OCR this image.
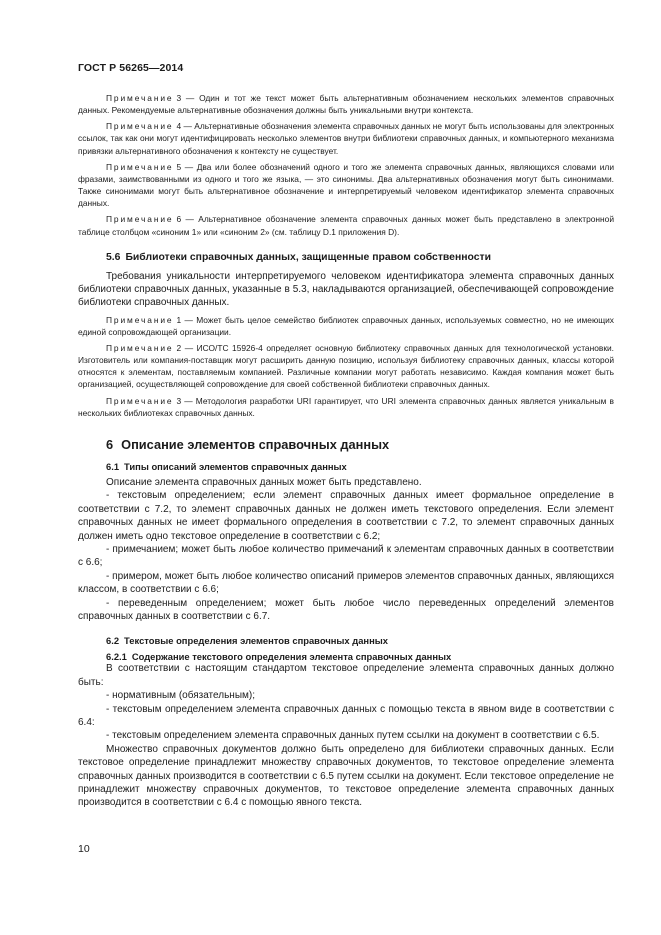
ГОСТ Р 56265—2014

Примечание 3 — Один и тот же текст может быть альтернативным обозначением нескольких элементов справочных данных. Рекомендуемые альтернативные обозначения должны быть уникальными внутри контекста.

Примечание 4 — Альтернативные обозначения элемента справочных данных не могут быть использованы для электронных ссылок, так как они могут идентифицировать несколько элементов внутри библиотеки справочных данных, и компьютерного механизма привязки альтернативного обозначения к контексту не существует.

Примечание 5 — Два или более обозначений одного и того же элемента справочных данных, являющихся словами или фразами, заимствованными из одного и того же языка, — это синонимы. Два альтернативных обозначения могут быть синонимами. Также синонимами могут быть альтернативное обозначение и интерпретируемый человеком идентификатор элемента справочных данных.

Примечание 6 — Альтернативное обозначение элемента справочных данных может быть представлено в электронной таблице столбцом «синоним 1» или «синоним 2» (см. таблицу D.1 приложения D).

5.6 Библиотеки справочных данных, защищенные правом собственности

Требования уникальности интерпретируемого человеком идентификатора элемента справочных данных библиотеки справочных данных, указанные в 5.3, накладываются организацией, обеспечивающей сопровождение библиотеки справочных данных.

Примечание 1 — Может быть целое семейство библиотек справочных данных, используемых совместно, но не имеющих единой сопровождающей организации.

Примечание 2 — ИСО/ТС 15926-4 определяет основную библиотеку справочных данных для технологической установки. Изготовитель или компания-поставщик могут расширить данную позицию, используя библиотеку справочных данных, классы которой относятся к элементам, поставляемым компанией. Различные компании могут работать независимо. Каждая компания может быть организацией, осуществляющей сопровождение для своей собственной библиотеки справочных данных.

Примечание 3 — Методология разработки URI гарантирует, что URI элемента справочных данных является уникальным в нескольких библиотеках справочных данных.

6 Описание элементов справочных данных
6.1 Типы описаний элементов справочных данных

Описание элемента справочных данных может быть представлено.

- текстовым определением; если элемент справочных данных имеет формальное определение в соответствии с 7.2, то элемент справочных данных не должен иметь текстового определения. Если элемент справочных данных не имеет формального определения в соответствии с 7.2, то элемент справочных данных должен иметь одно текстовое определение в соответствии с 6.2;

- примечанием; может быть любое количество примечаний к элементам справочных данных в соответствии с 6.6;

- примером, может быть любое количество описаний примеров элементов справочных данных, являющихся классом, в соответствии с 6.6;

- переведенным определением; может быть любое число переведенных определений элементов справочных данных в соответствии с 6.7.

6.2 Текстовые определения элементов справочных данных
6.2.1 Содержание текстового определения элемента справочных данных

В соответствии с настоящим стандартом текстовое определение элемента справочных данных должно быть:

- нормативным (обязательным);

- текстовым определением элемента справочных данных с помощью текста в явном виде в соответствии с 6.4:

- текстовым определением элемента справочных данных путем ссылки на документ в соответствии с 6.5.

Множество справочных документов должно быть определено для библиотеки справочных данных. Если текстовое определение принадлежит множеству справочных документов, то текстовое определение элемента справочных данных производится в соответствии с 6.5 путем ссылки на документ. Если текстовое определение не принадлежит множеству справочных документов, то текстовое определение элемента справочных данных производится в соответствии с 6.4 с помощью явного текста.

10
